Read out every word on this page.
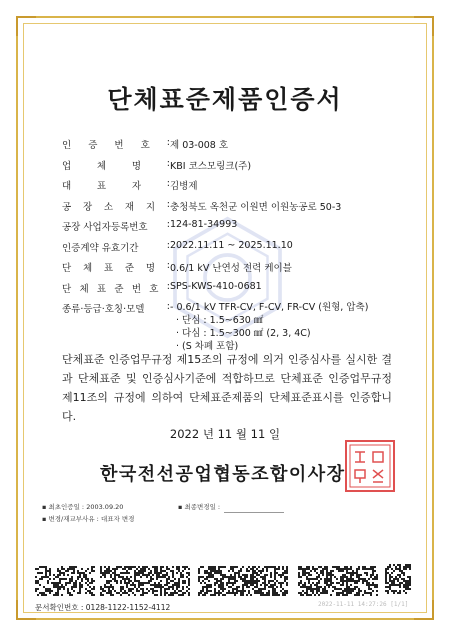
단체표준제품인증서
인 증 번 호 : 제 03-008 호
업	체	명	: KBI 코스모링크(주)
대	표	자	: 김병제
공 장 소 재 지 : 충청북도 옥천군 이원면 이원농공로 50-3
공장 사업자등록번호 : 124-81-34993
인증계약 유효기간	: 2022.11.11 ~ 2025.11.10
단 체 표 준 명 : 0.6/1 kV 난연성 전력 케이블
단 체 표 준 번 호 : SPS-KWS-410-0681
종류·등급·호칭·모델 : - 0.6/1 kV TFR-CV, F-CV, FR-CV (원형, 압축)
· 단심 : 1.5~630 ㎟
· 다심 : 1.5~300 ㎟ (2, 3, 4C)
· (S 차폐 포함)
단체표준 인증업무규정 제15조의 규정에 의거 인증심사를 실시한 결과 단체표준 및 인증심사기준에 적합하므로 단체표준 인증업무규정 제11조의 규정에 의하여 단체표준제품의 단체표준표시를 인증합니다.
2022 년 11 월 11 일
한국전선공업협동조합이사장
▪ 최초인증일 : 2003.09.20
▪ 변경/재교부사유 : 대표자 변경
▪ 최종변경일 :
문서확인번호 : 0128-1122-1152-4112	2022-11-11 14:27:26 [1/1]
